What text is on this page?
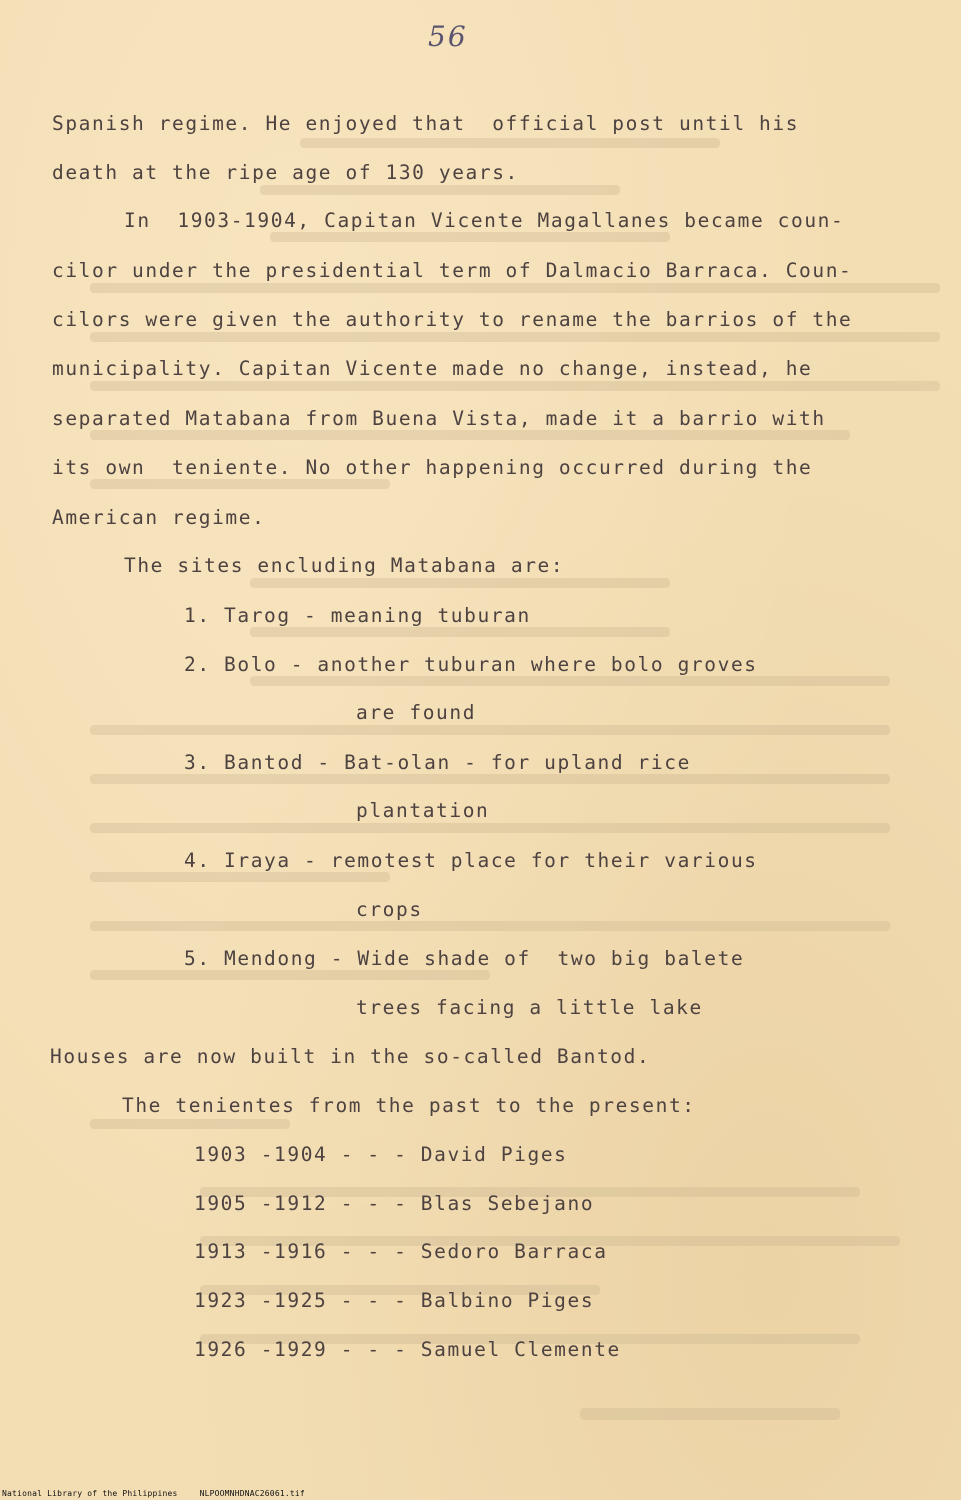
56
Spanish regime. He enjoyed that  official post until his
death at the ripe age of 130 years.
In  1903-1904, Capitan Vicente Magallanes became coun-
cilor under the presidential term of Dalmacio Barraca. Coun-
cilors were given the authority to rename the barrios of the
municipality. Capitan Vicente made no change, instead, he
separated Matabana from Buena Vista, made it a barrio with
its own  teniente. No other happening occurred during the
American regime.
The sites encluding Matabana are:
1. Tarog - meaning tuburan
2. Bolo - another tuburan where bolo groves
are found
3. Bantod - Bat-olan - for upland rice
plantation
4. Iraya - remotest place for their various
crops
5. Mendong - Wide shade of  two big balete
trees facing a little lake
Houses are now built in the so-called Bantod.
The tenientes from the past to the present:
1903 -1904 - - - David Piges
1905 -1912 - - - Blas Sebejano
1913 -1916 - - - Sedoro Barraca
1923 -1925 - - - Balbino Piges
1926 -1929 - - - Samuel Clemente
National Library of the Philippines	NLPOOMNHDNAC26061.tif
